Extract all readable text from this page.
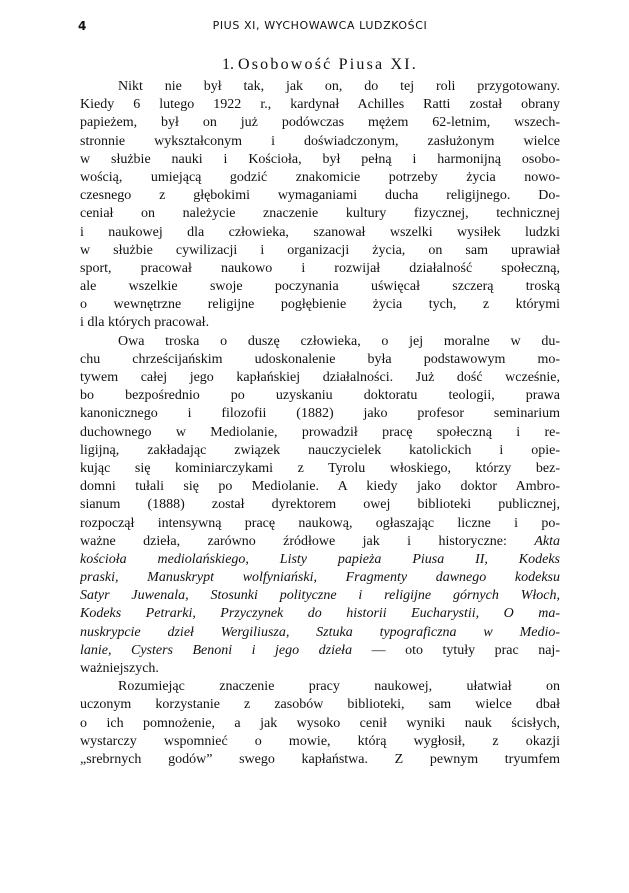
4	PIUS XI, WYCHOWAWCA LUDZKOŚCI
1. Osobowość Piusa XI.
Nikt nie był tak, jak on, do tej roli przygotowany.
Kiedy 6 lutego 1922 r., kardynał Achilles Ratti został obrany
papieżem, był on już podówczas mężem 62-letnim, wszech-
stronnie wykształconym i doświadczonym, zasłużonym wielce
w służbie nauki i Kościoła, był pełną i harmonijną osobo-
wością, umiejącą godzić znakomicie potrzeby życia nowo-
czesnego z głębokimi wymaganiami ducha religijnego. Do-
ceniał on należycie znaczenie kultury fizycznej, technicznej
i naukowej dla człowieka, szanował wszelki wysiłek ludzki
w służbie cywilizacji i organizacji życia, on sam uprawiał
sport, pracował naukowo i rozwijał działalność społeczną,
ale wszelkie swoje poczynania uświęcał szczerą troską
o wewnętrzne religijne pogłębienie życia tych, z którymi
i dla których pracował.
Owa troska o duszę człowieka, o jej moralne w du-
chu chrześcijańskim udoskonalenie była podstawowym mo-
tywem całej jego kapłańskiej działalności. Już dość wcześnie,
bo bezpośrednio po uzyskaniu doktoratu teologii, prawa
kanonicznego i filozofii (1882) jako profesor seminarium
duchownego w Mediolanie, prowadził pracę społeczną i re-
ligijną, zakładając związek nauczycielek katolickich i opie-
kując się kominiarczykami z Tyrolu włoskiego, którzy bez-
domni tułali się po Mediolanie. A kiedy jako doktor Ambro-
sianum (1888) został dyrektorem owej biblioteki publicznej,
rozpoczął intensywną pracę naukową, ogłaszając liczne i po-
ważne dzieła, zarówno źródłowe jak i historyczne: Akta
kościoła mediolańskiego, Listy papieża Piusa II, Kodeks
praski, Manuskrypt wolfyniański, Fragmenty dawnego kodeksu
Satyr Juwenala, Stosunki polityczne i religijne górnych Włoch,
Kodeks Petrarki, Przyczynek do historii Eucharystii, O ma-
nuskrypcie dzieł Wergiliusza, Sztuka typograficzna w Medio-
lanie, Cysters Benoni i jego dzieła — oto tytuły prac naj-
ważniejszych.
Rozumiejąc znaczenie pracy naukowej, ułatwiał on
uczonym korzystanie z zasobów biblioteki, sam wielce dbał
o ich pomnożenie, a jak wysoko cenił wyniki nauk ścisłych,
wystarczy wspomnieć o mowie, którą wygłosił, z okazji
„srebrnych godów” swego kapłaństwa. Z pewnym tryumfem
